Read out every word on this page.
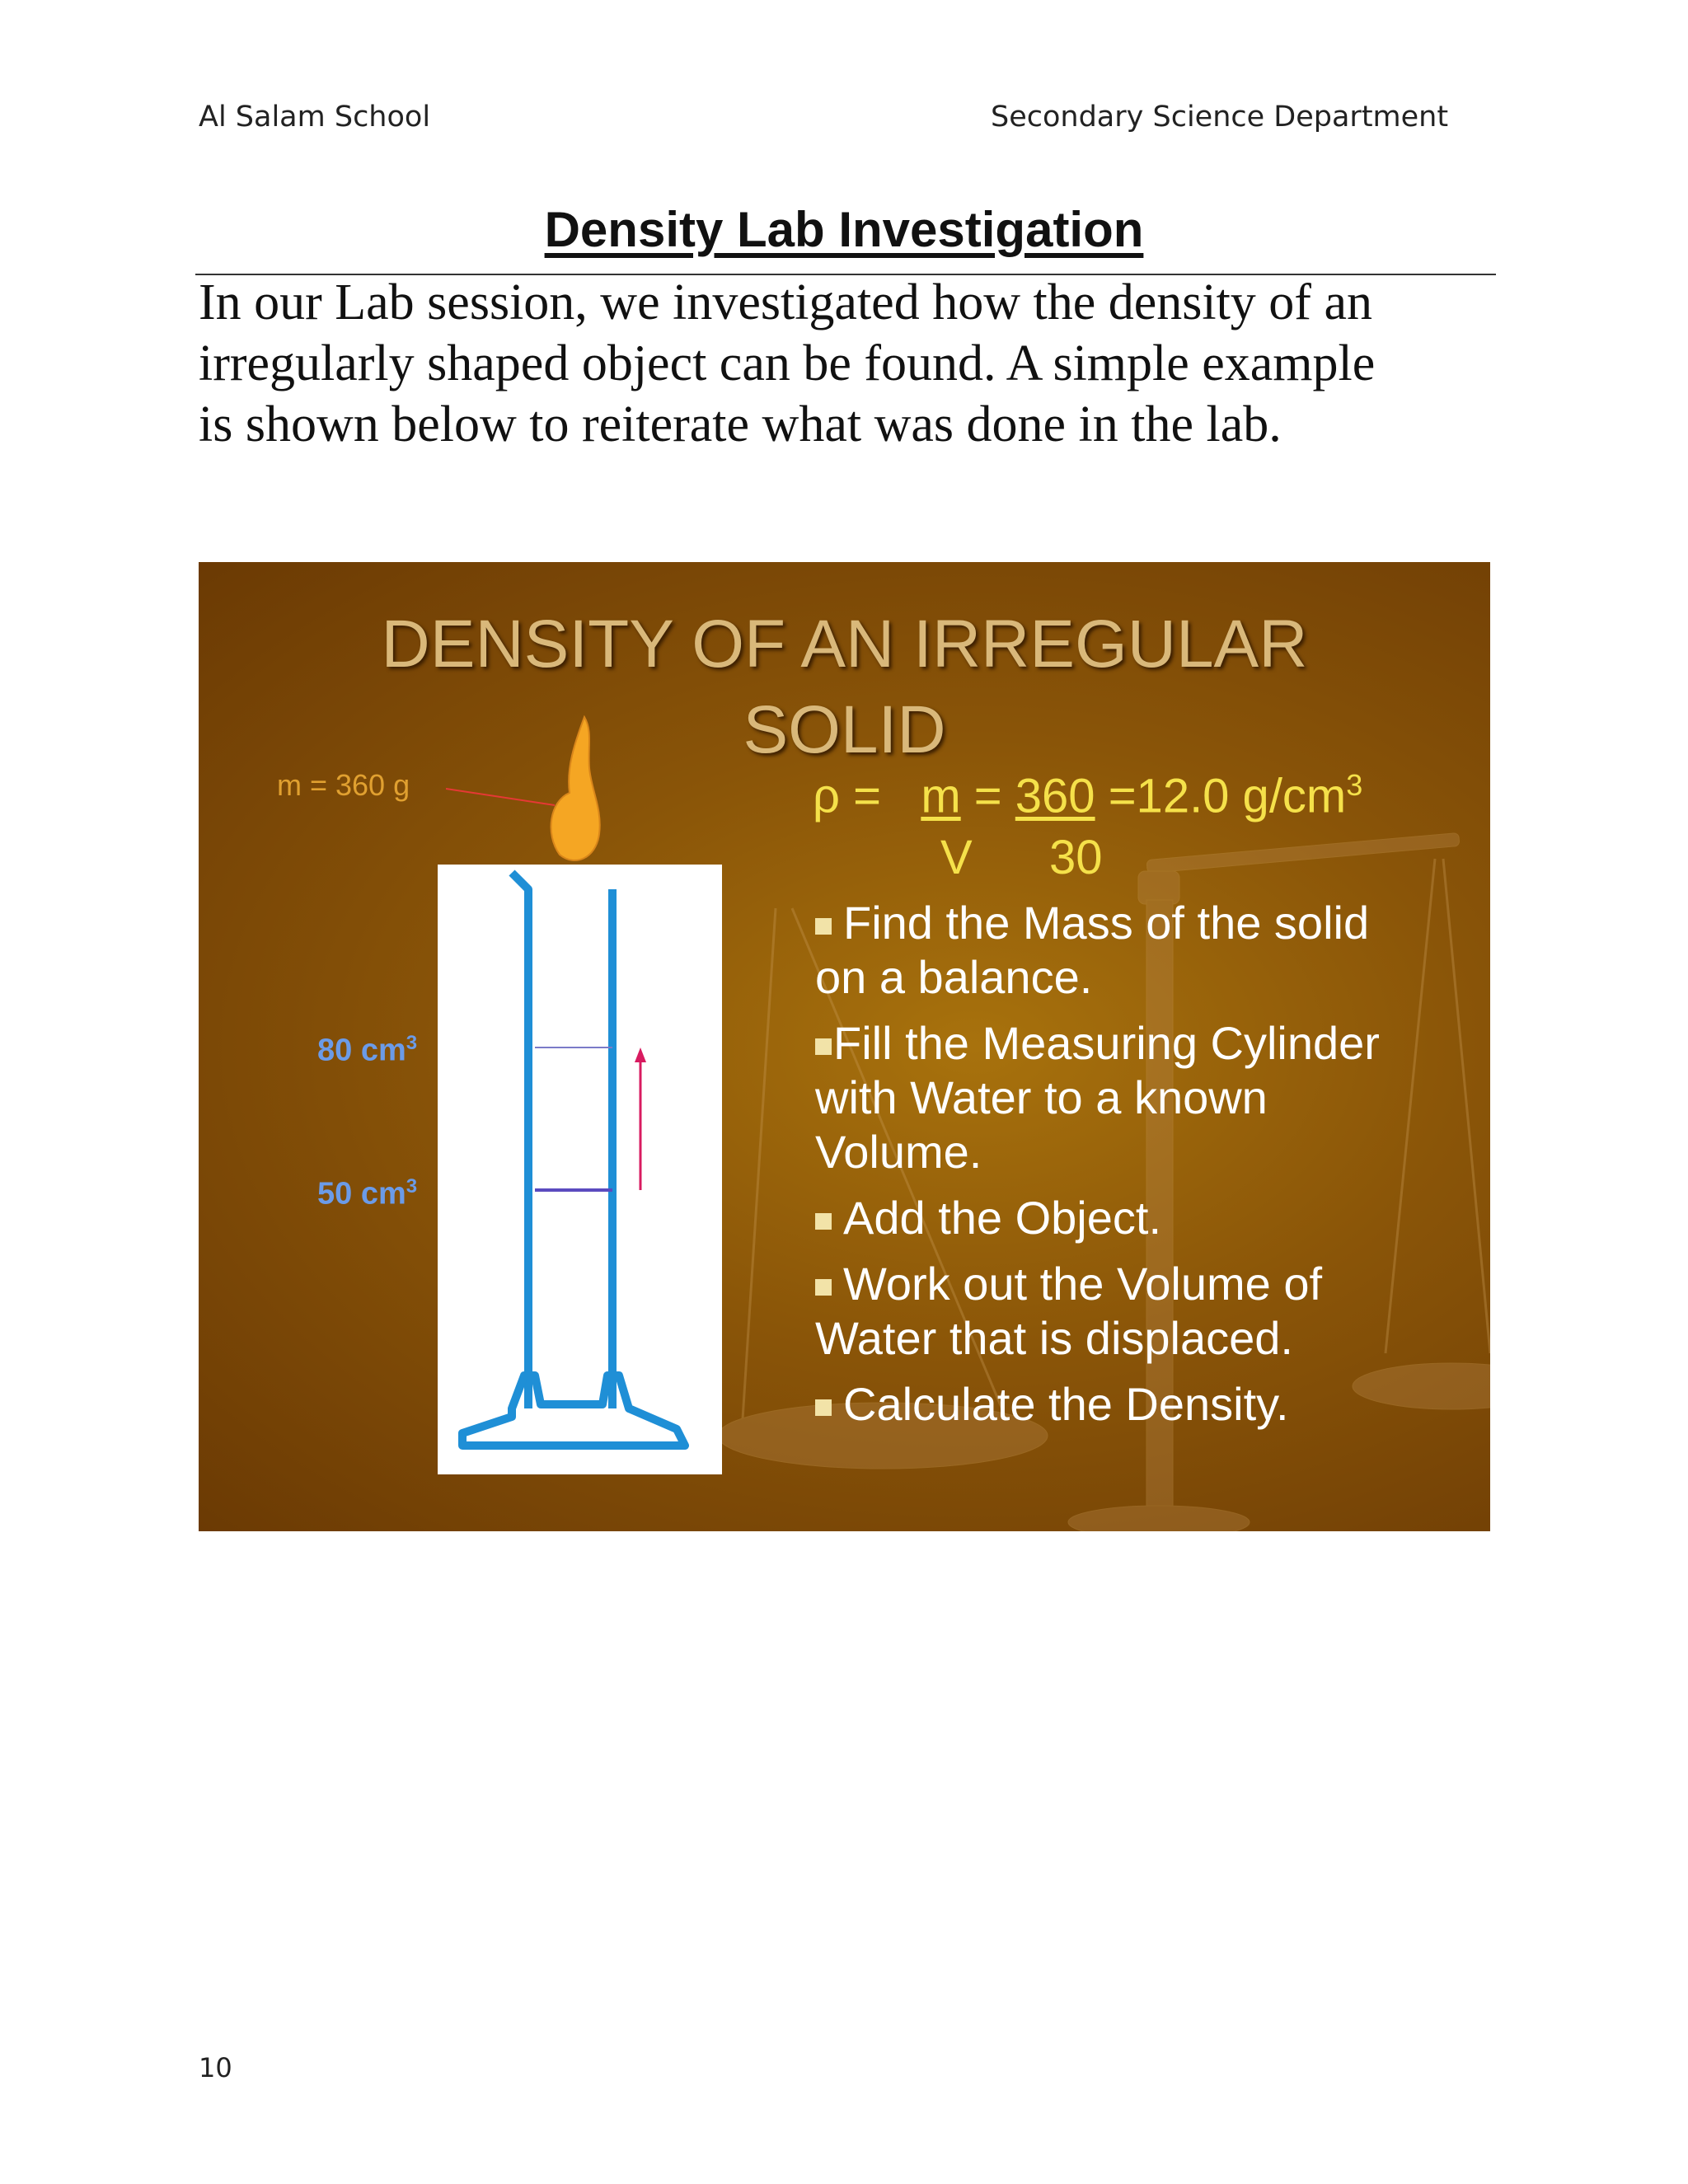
Al Salam School	Secondary Science Department
Density Lab Investigation
In our Lab session, we investigated how the density of an
irregularly shaped object can be found. A simple example
is shown below to reiterate what was done in the lab.
DENSITY OF AN IRREGULAR
SOLID
m = 360 g
80 $cm^3$
50 $cm^3$
ρ = m = 360 =12.0 $g/cm^3$
V 30
Find the Mass of the solid
on a balance.
Fill the Measuring Cylinder
with Water to a known
Volume.
Add the Object.
Work out the Volume of
Water that is displaced.
Calculate the Density.
10
